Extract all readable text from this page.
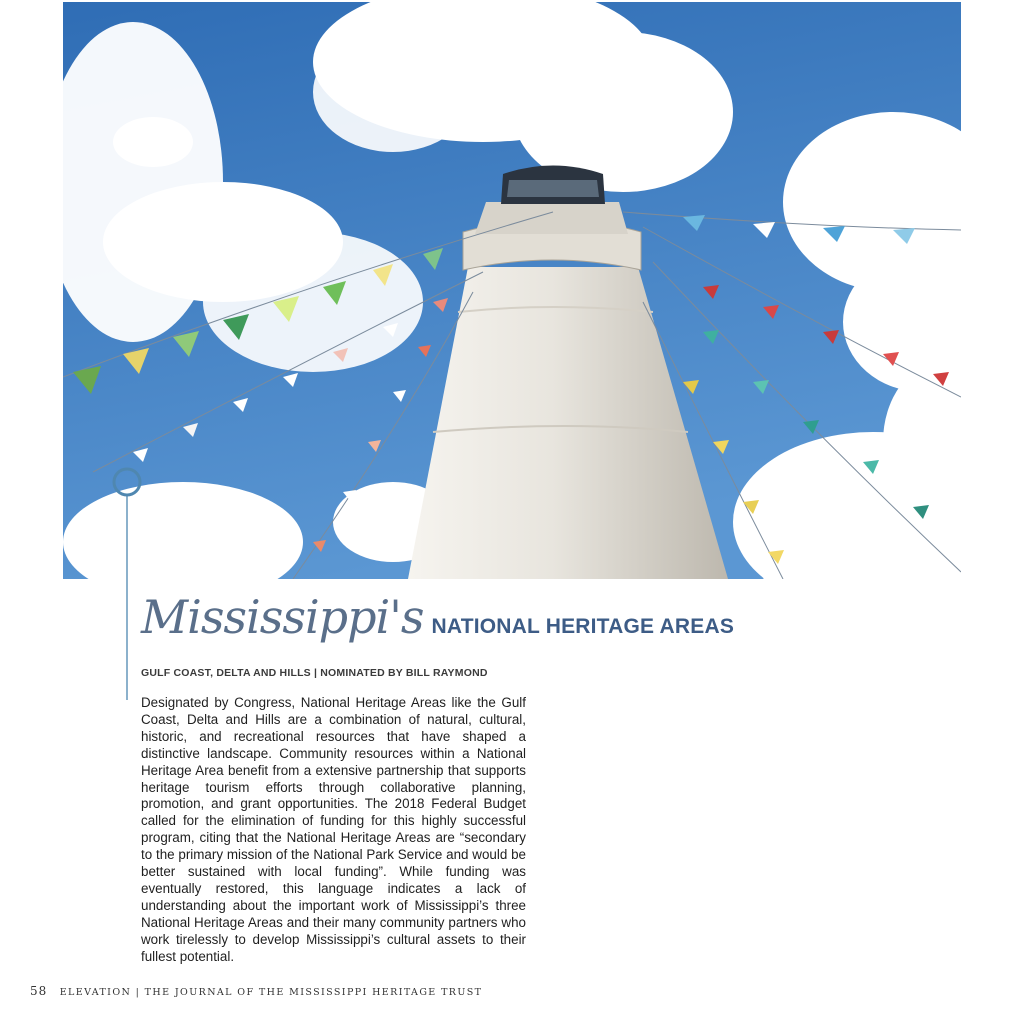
Mississippi's NATIONAL HERITAGE AREAS
GULF COAST, DELTA AND HILLS | NOMINATED BY BILL RAYMOND

Designated by Congress, National Heritage Areas like the Gulf Coast, Delta and Hills are a combination of natural, cultural, historic, and recreational resources that have shaped a distinctive landscape. Community resources within a National Heritage Area benefit from a extensive partnership that supports heritage tourism efforts through collaborative planning, promotion, and grant opportunities. The 2018 Federal Budget called for the elimination of funding for this highly successful program, citing that the National Heritage Areas are “secondary to the primary mission of the National Park Service and would be better sustained with local funding”. While funding was eventually restored, this language indicates a lack of understanding about the important work of Mississippi’s three National Heritage Areas and their many community partners who work tirelessly to develop Mississippi’s cultural assets to their fullest potential.

58 ELEVATION | THE JOURNAL OF THE MISSISSIPPI HERITAGE TRUST
